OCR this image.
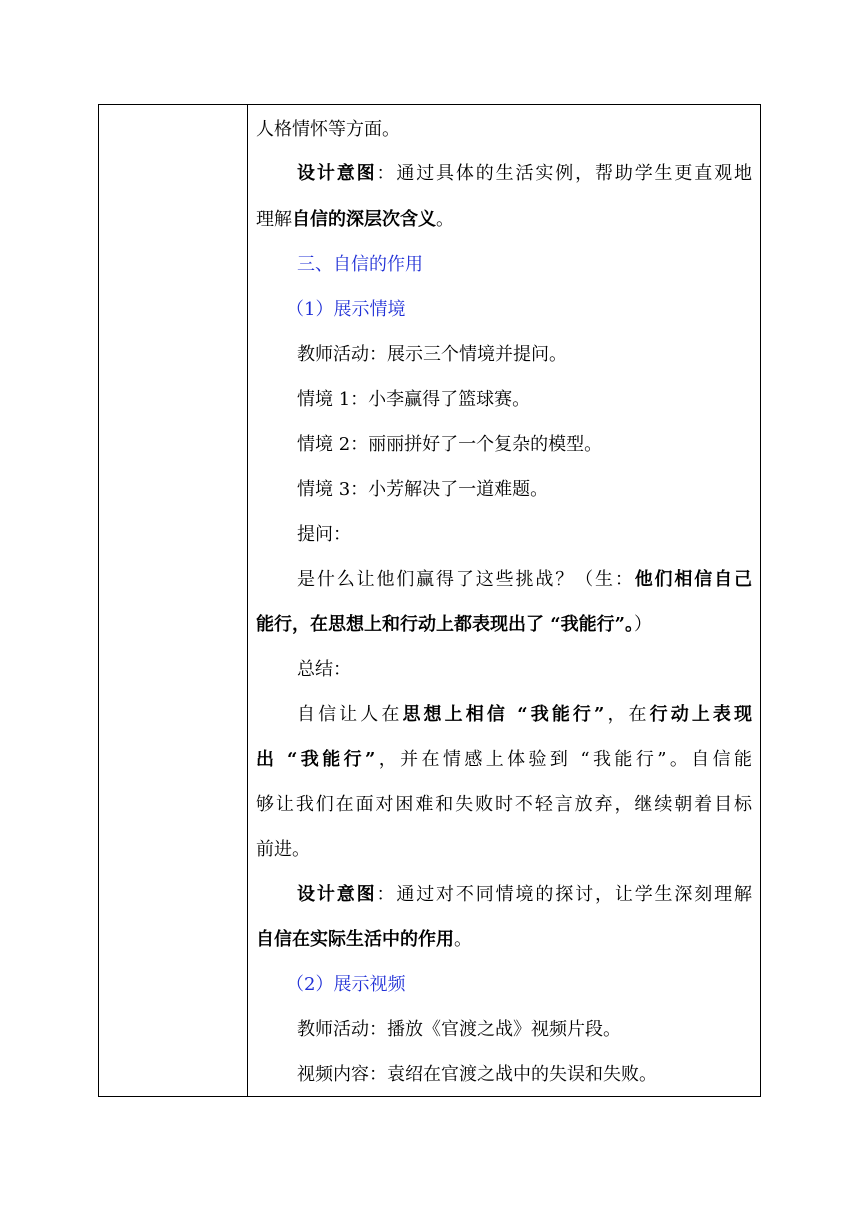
人格情怀等方面。
设计意图：通过具体的生活实例，帮助学生更直观地
理解自信的深层次含义。
三、自信的作用
（1）展示情境
教师活动：展示三个情境并提问。
情境 1：小李赢得了篮球赛。
情境 2：丽丽拼好了一个复杂的模型。
情境 3：小芳解决了一道难题。
提问：
是什么让他们赢得了这些挑战？（生：他们相信自己
能行，在思想上和行动上都表现出了 “我能行”。）
总结：
自信让人在思想上相信 “我能行”，在行动上表现
出 “我能行”，并在情感上体验到 “我能行”。自信能
够让我们在面对困难和失败时不轻言放弃，继续朝着目标
前进。
设计意图：通过对不同情境的探讨，让学生深刻理解
自信在实际生活中的作用。
（2）展示视频
教师活动：播放《官渡之战》视频片段。
视频内容：袁绍在官渡之战中的失误和失败。
